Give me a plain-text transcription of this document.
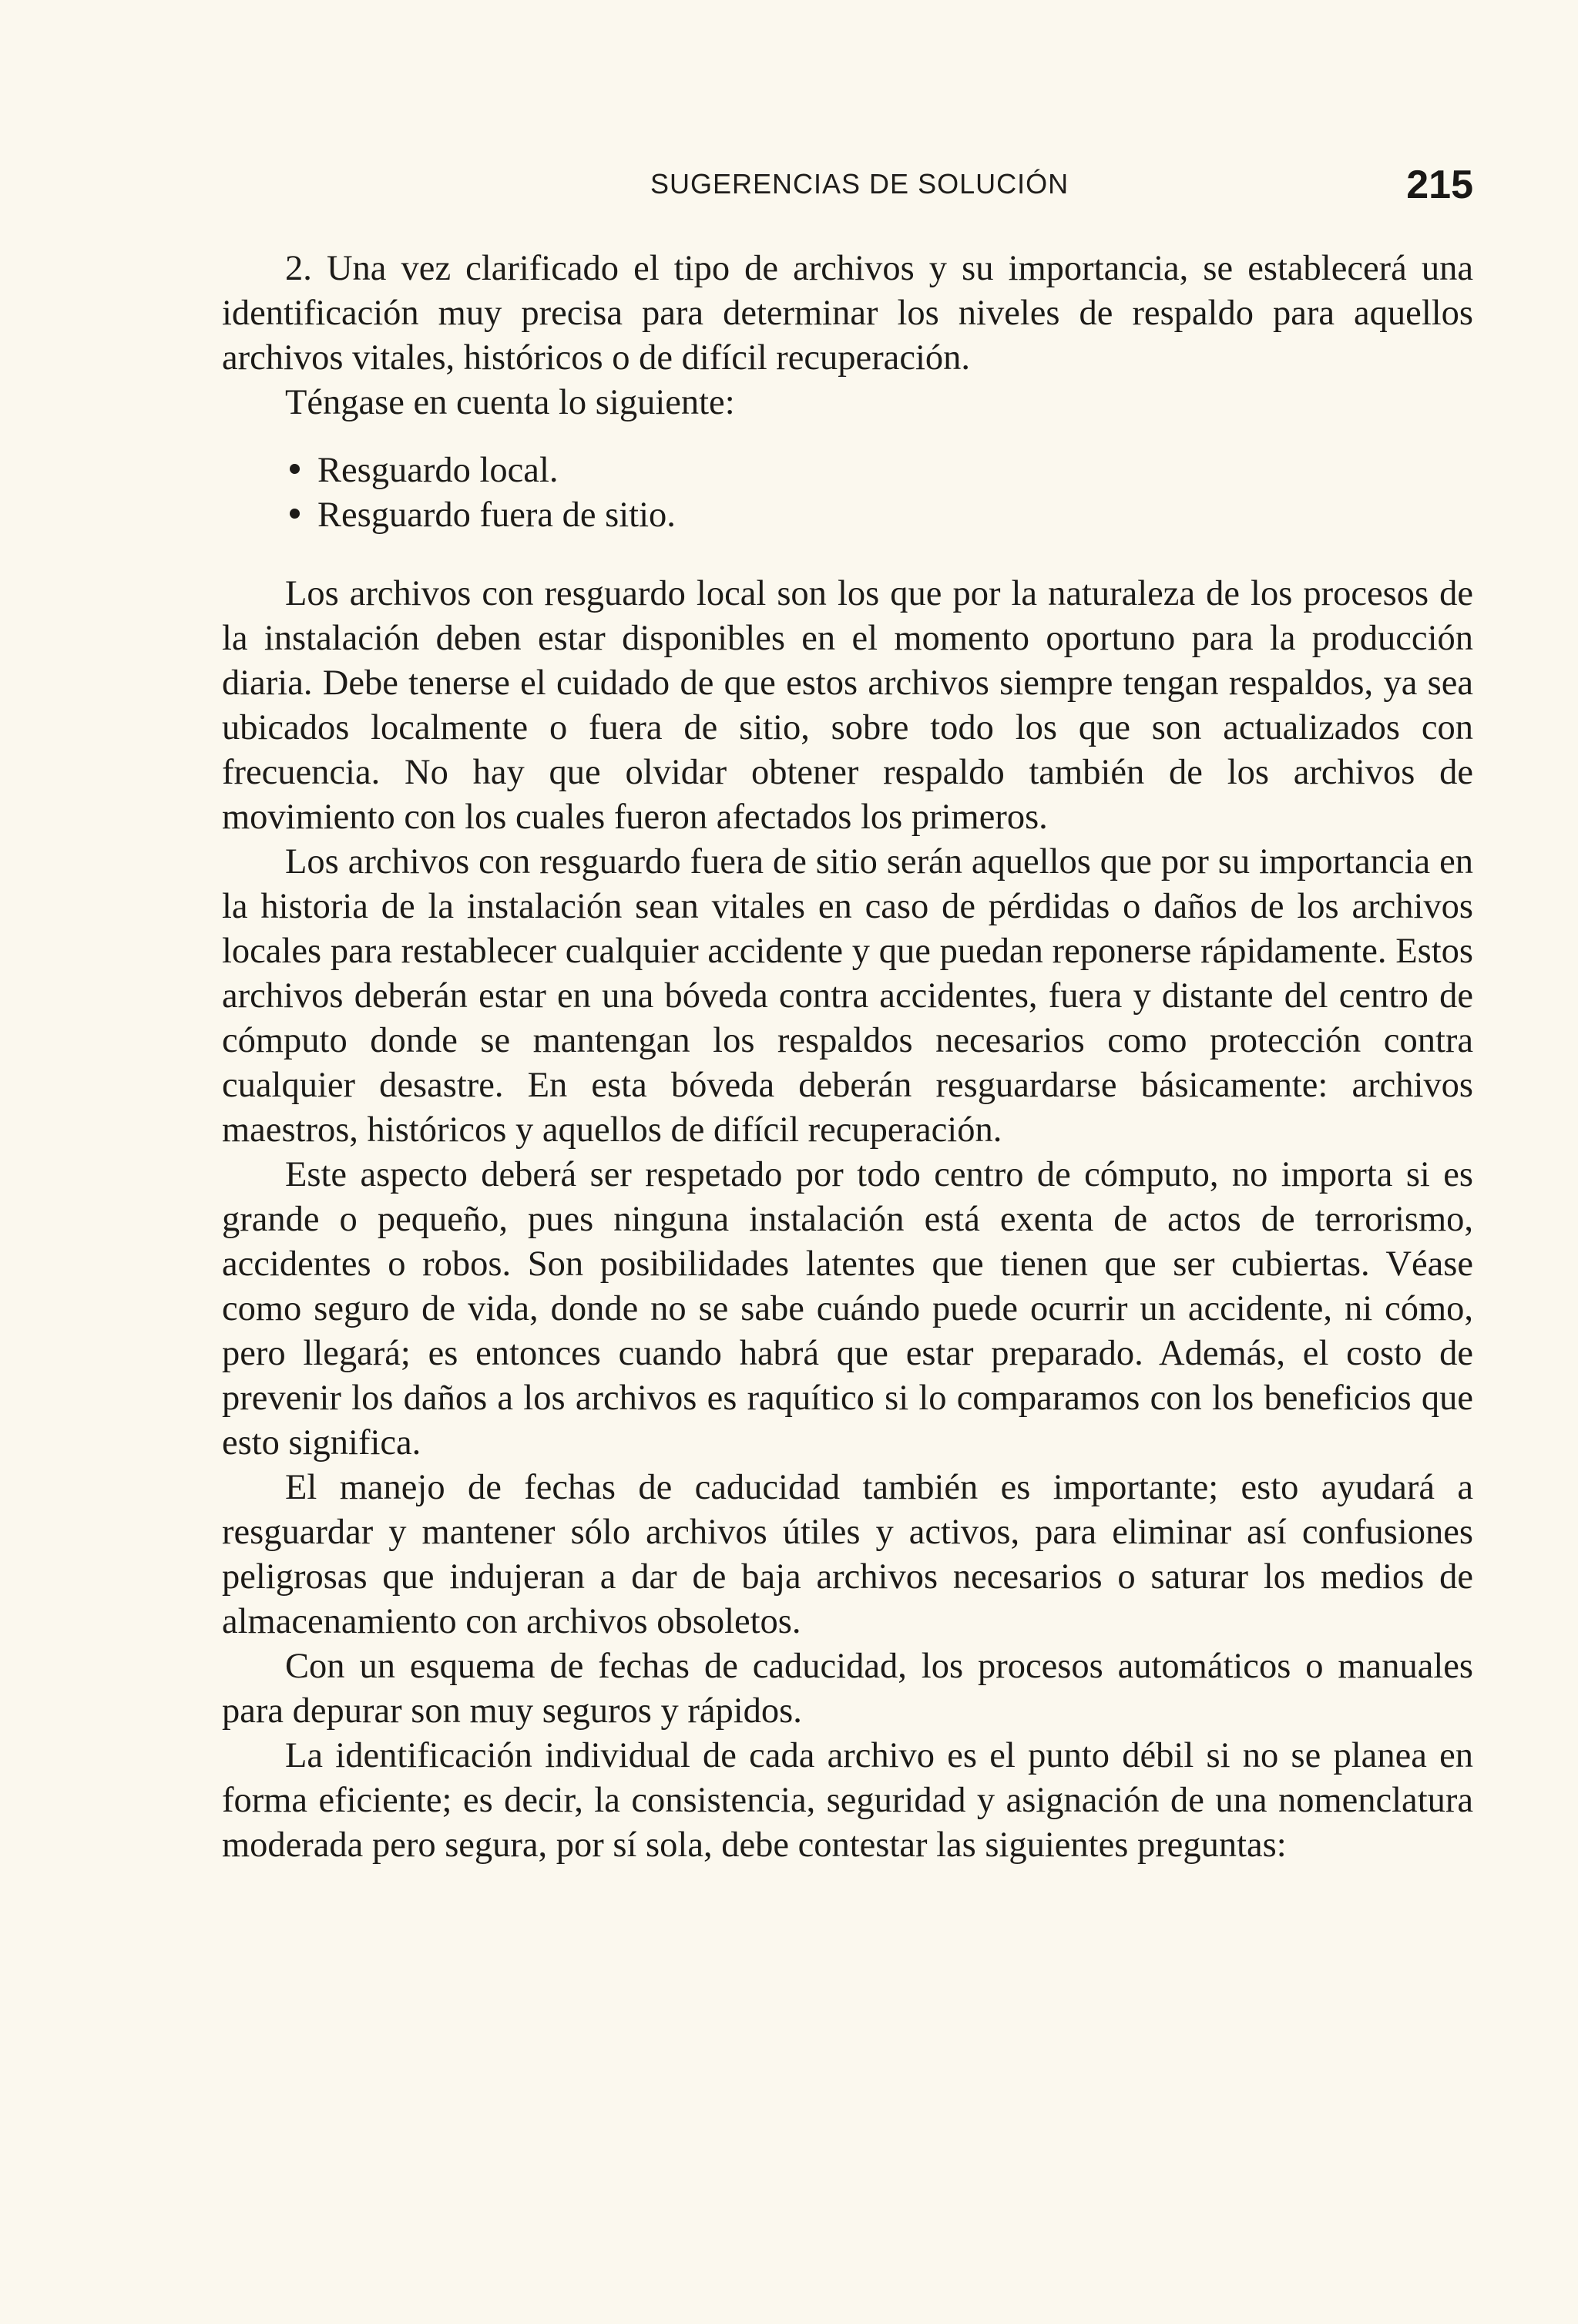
SUGERENCIAS DE SOLUCIÓN	215

2. Una vez clarificado el tipo de archivos y su importancia, se establecerá una identificación muy precisa para determinar los niveles de respaldo para aquellos archivos vitales, históricos o de difícil recuperación.

Téngase en cuenta lo siguiente:

Resguardo local.
Resguardo fuera de sitio.

Los archivos con resguardo local son los que por la naturaleza de los procesos de la instalación deben estar disponibles en el momento oportuno para la producción diaria. Debe tenerse el cuidado de que estos archivos siempre tengan respaldos, ya sea ubicados localmente o fuera de sitio, sobre todo los que son actualizados con frecuencia. No hay que olvidar obtener respaldo también de los archivos de movimiento con los cuales fueron afectados los primeros.

Los archivos con resguardo fuera de sitio serán aquellos que por su importancia en la historia de la instalación sean vitales en caso de pérdidas o daños de los archivos locales para restablecer cualquier accidente y que puedan reponerse rápidamente. Estos archivos deberán estar en una bóveda contra accidentes, fuera y distante del centro de cómputo donde se mantengan los respaldos necesarios como protección contra cualquier desastre. En esta bóveda deberán resguardarse básicamente: archivos maestros, históricos y aquellos de difícil recuperación.

Este aspecto deberá ser respetado por todo centro de cómputo, no importa si es grande o pequeño, pues ninguna instalación está exenta de actos de terrorismo, accidentes o robos. Son posibilidades latentes que tienen que ser cubiertas. Véase como seguro de vida, donde no se sabe cuándo puede ocurrir un accidente, ni cómo, pero llegará; es entonces cuando habrá que estar preparado. Además, el costo de prevenir los daños a los archivos es raquítico si lo comparamos con los beneficios que esto significa.

El manejo de fechas de caducidad también es importante; esto ayudará a resguardar y mantener sólo archivos útiles y activos, para eliminar así confusiones peligrosas que indujeran a dar de baja archivos necesarios o saturar los medios de almacenamiento con archivos obsoletos.

Con un esquema de fechas de caducidad, los procesos automáticos o manuales para depurar son muy seguros y rápidos.

La identificación individual de cada archivo es el punto débil si no se planea en forma eficiente; es decir, la consistencia, seguridad y asignación de una nomenclatura moderada pero segura, por sí sola, debe contestar las siguientes preguntas:
